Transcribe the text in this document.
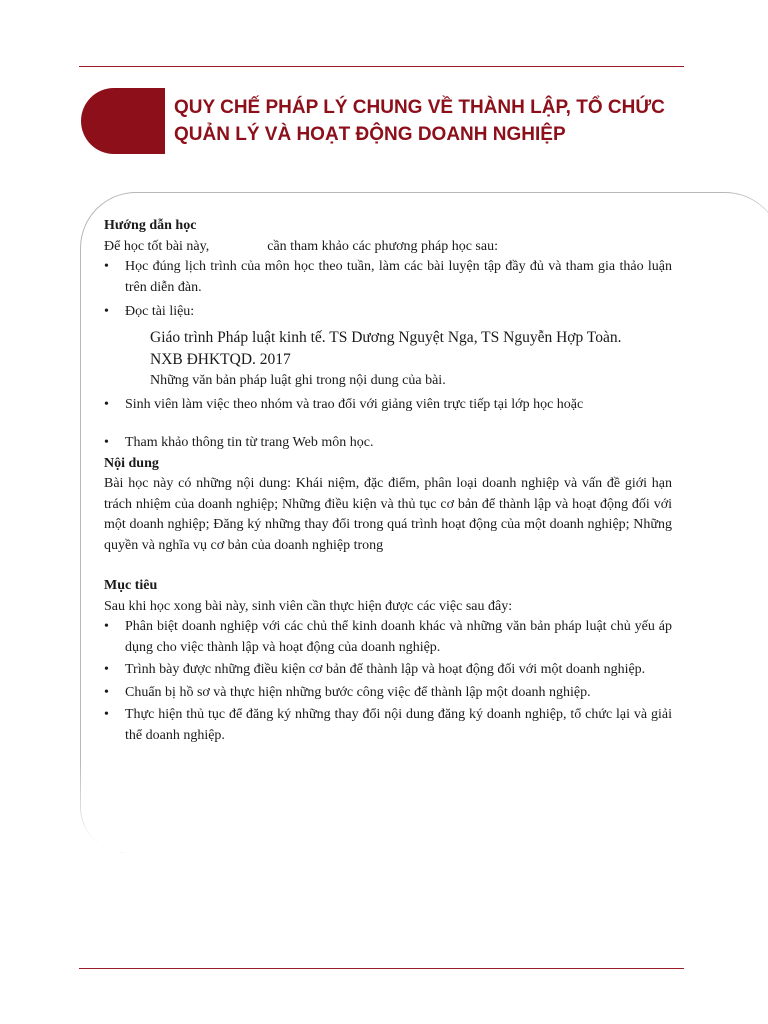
QUY CHẾ PHÁP LÝ CHUNG VỀ THÀNH LẬP, TỔ CHỨC
QUẢN LÝ VÀ HOẠT ĐỘNG DOANH NGHIỆP

Hướng dẫn học

Để học tốt bài này,	cần tham khảo các phương pháp học sau:

• Học đúng lịch trình của môn học theo tuần, làm các bài luyện tập đầy đủ và tham gia thảo luận trên diễn đàn.
• Đọc tài liệu:

Giáo trình Pháp luật kinh tế. TS Dương Nguyệt Nga, TS Nguyễn Hợp Toàn.

NXB ĐHKTQD. 2017

Những văn bản pháp luật ghi trong nội dung của bài.

• Sinh viên làm việc theo nhóm và trao đổi với giảng viên trực tiếp tại lớp học hoặc
• Tham khảo thông tin từ trang Web môn học.

Nội dung

Bài học này có những nội dung: Khái niệm, đặc điểm, phân loại doanh nghiệp và vấn đề giới hạn trách nhiệm của doanh nghiệp; Những điều kiện và thủ tục cơ bản để thành lập và hoạt động đối với một doanh nghiệp; Đăng ký những thay đổi trong quá trình hoạt động của một doanh nghiệp; Những quyền và nghĩa vụ cơ bản của doanh nghiệp trong

Mục tiêu

Sau khi học xong bài này, sinh viên cần thực hiện được các việc sau đây:

• Phân biệt doanh nghiệp với các chủ thể kinh doanh khác và những văn bản pháp luật chủ yếu áp dụng cho việc thành lập và hoạt động của doanh nghiệp.
• Trình bày được những điều kiện cơ bản để thành lập và hoạt động đối với một doanh nghiệp.
• Chuẩn bị hồ sơ và thực hiện những bước công việc để thành lập một doanh nghiệp.
• Thực hiện thủ tục để đăng ký những thay đổi nội dung đăng ký doanh nghiệp, tổ chức lại và giải thể doanh nghiệp.
